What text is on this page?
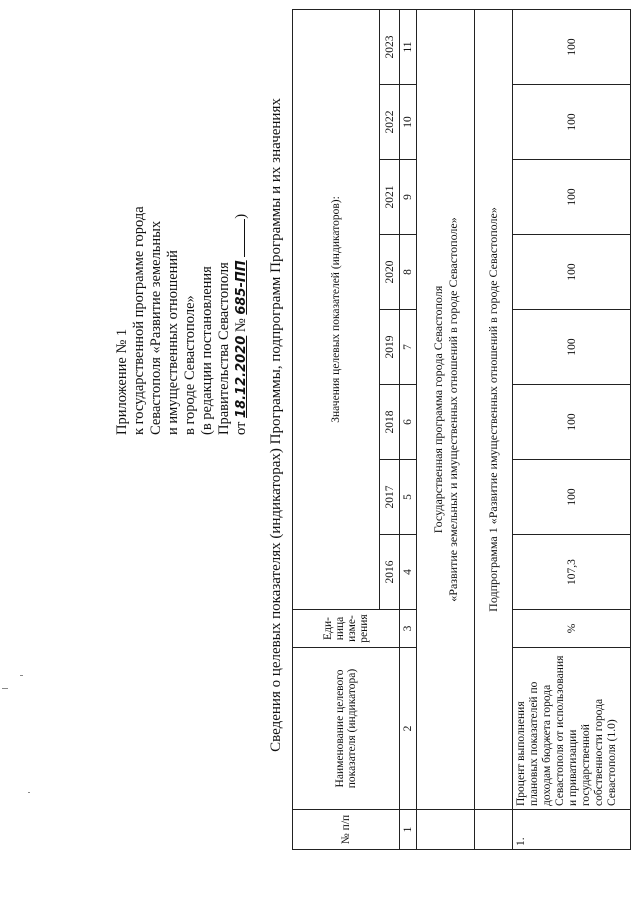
Приложение № 1 к государственной программе города Севастополя «Развитие земельных и имущественных отношений в городе Севастополе» (в редакции постановления Правительства Севастополя от 18.12.2020 № 685-ПП ) Сведения о целевых показателях (индикаторах) Программы, подпрограмм Программы и их значениях
№ п/п	Наименование целевого показателя (индикатора)	Еди-ница изме-рения	Значения целевых показателей (индикаторов):							
			2016	2017	2018	2019	2020	2021	2022	2023
1	2	3	4	5	6	7	8	9	10	11

	Государственная программа города Севастополя «Развитие земельных и имущественных отношений в городе Севастополе»									

	Подпрограмма 1 «Развитие имущественных отношений в городе Севастополе»									
1.	Процент выполнения плановых показателей по доходам бюджета города Севастополя от использования и приватизации государственной собственности города Севастополя (1.0)	%	107,3	100	100	100	100	100	100	100
